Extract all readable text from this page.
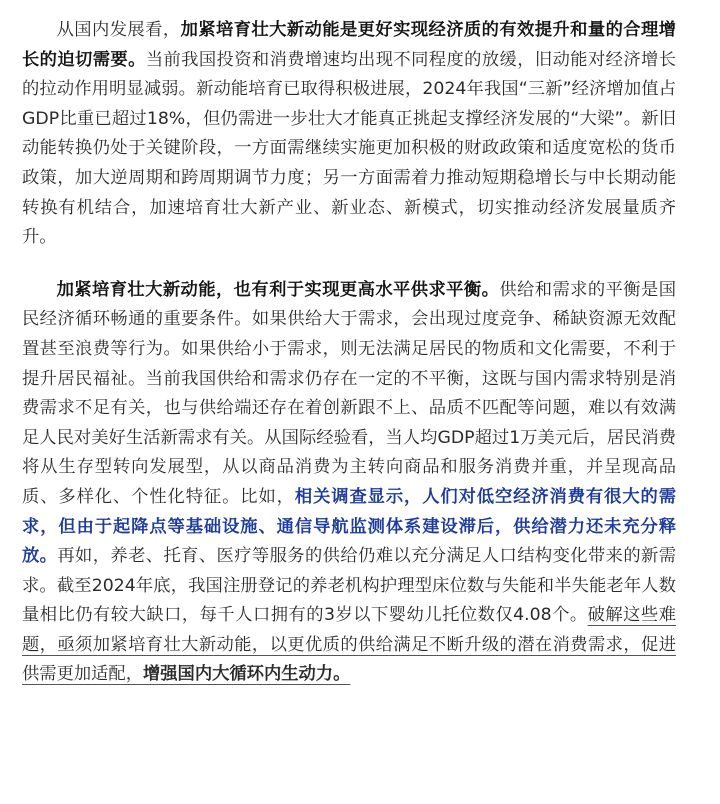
从国内发展看，加紧培育壮大新动能是更好实现经济质的有效提升和量的合理增长的迫切需要。当前我国投资和消费增速均出现不同程度的放缓，旧动能对经济增长的拉动作用明显减弱。新动能培育已取得积极进展，2024年我国“三新”经济增加值占GDP比重已超过18%，但仍需进一步壮大才能真正挑起支撑经济发展的“大梁”。新旧动能转换仍处于关键阶段，一方面需继续实施更加积极的财政政策和适度宽松的货币政策，加大逆周期和跨周期调节力度；另一方面需着力推动短期稳增长与中长期动能转换有机结合，加速培育壮大新产业、新业态、新模式，切实推动经济发展量质齐升。

加紧培育壮大新动能，也有利于实现更高水平供求平衡。供给和需求的平衡是国民经济循环畅通的重要条件。如果供给大于需求，会出现过度竞争、稀缺资源无效配置甚至浪费等行为。如果供给小于需求，则无法满足居民的物质和文化需要，不利于提升居民福祉。当前我国供给和需求仍存在一定的不平衡，这既与国内需求特别是消费需求不足有关，也与供给端还存在着创新跟不上、品质不匹配等问题，难以有效满足人民对美好生活新需求有关。从国际经验看，当人均GDP超过1万美元后，居民消费将从生存型转向发展型，从以商品消费为主转向商品和服务消费并重，并呈现高品质、多样化、个性化特征。比如，相关调查显示，人们对低空经济消费有很大的需求，但由于起降点等基础设施、通信导航监测体系建设滞后，供给潜力还未充分释放。再如，养老、托育、医疗等服务的供给仍难以充分满足人口结构变化带来的新需求。截至2024年底，我国注册登记的养老机构护理型床位数与失能和半失能老年人数量相比仍有较大缺口，每千人口拥有的3岁以下婴幼儿托位数仅4.08个。破解这些难题，亟须加紧培育壮大新动能，以更优质的供给满足不断升级的潜在消费需求，促进供需更加适配，增强国内大循环内生动力。
